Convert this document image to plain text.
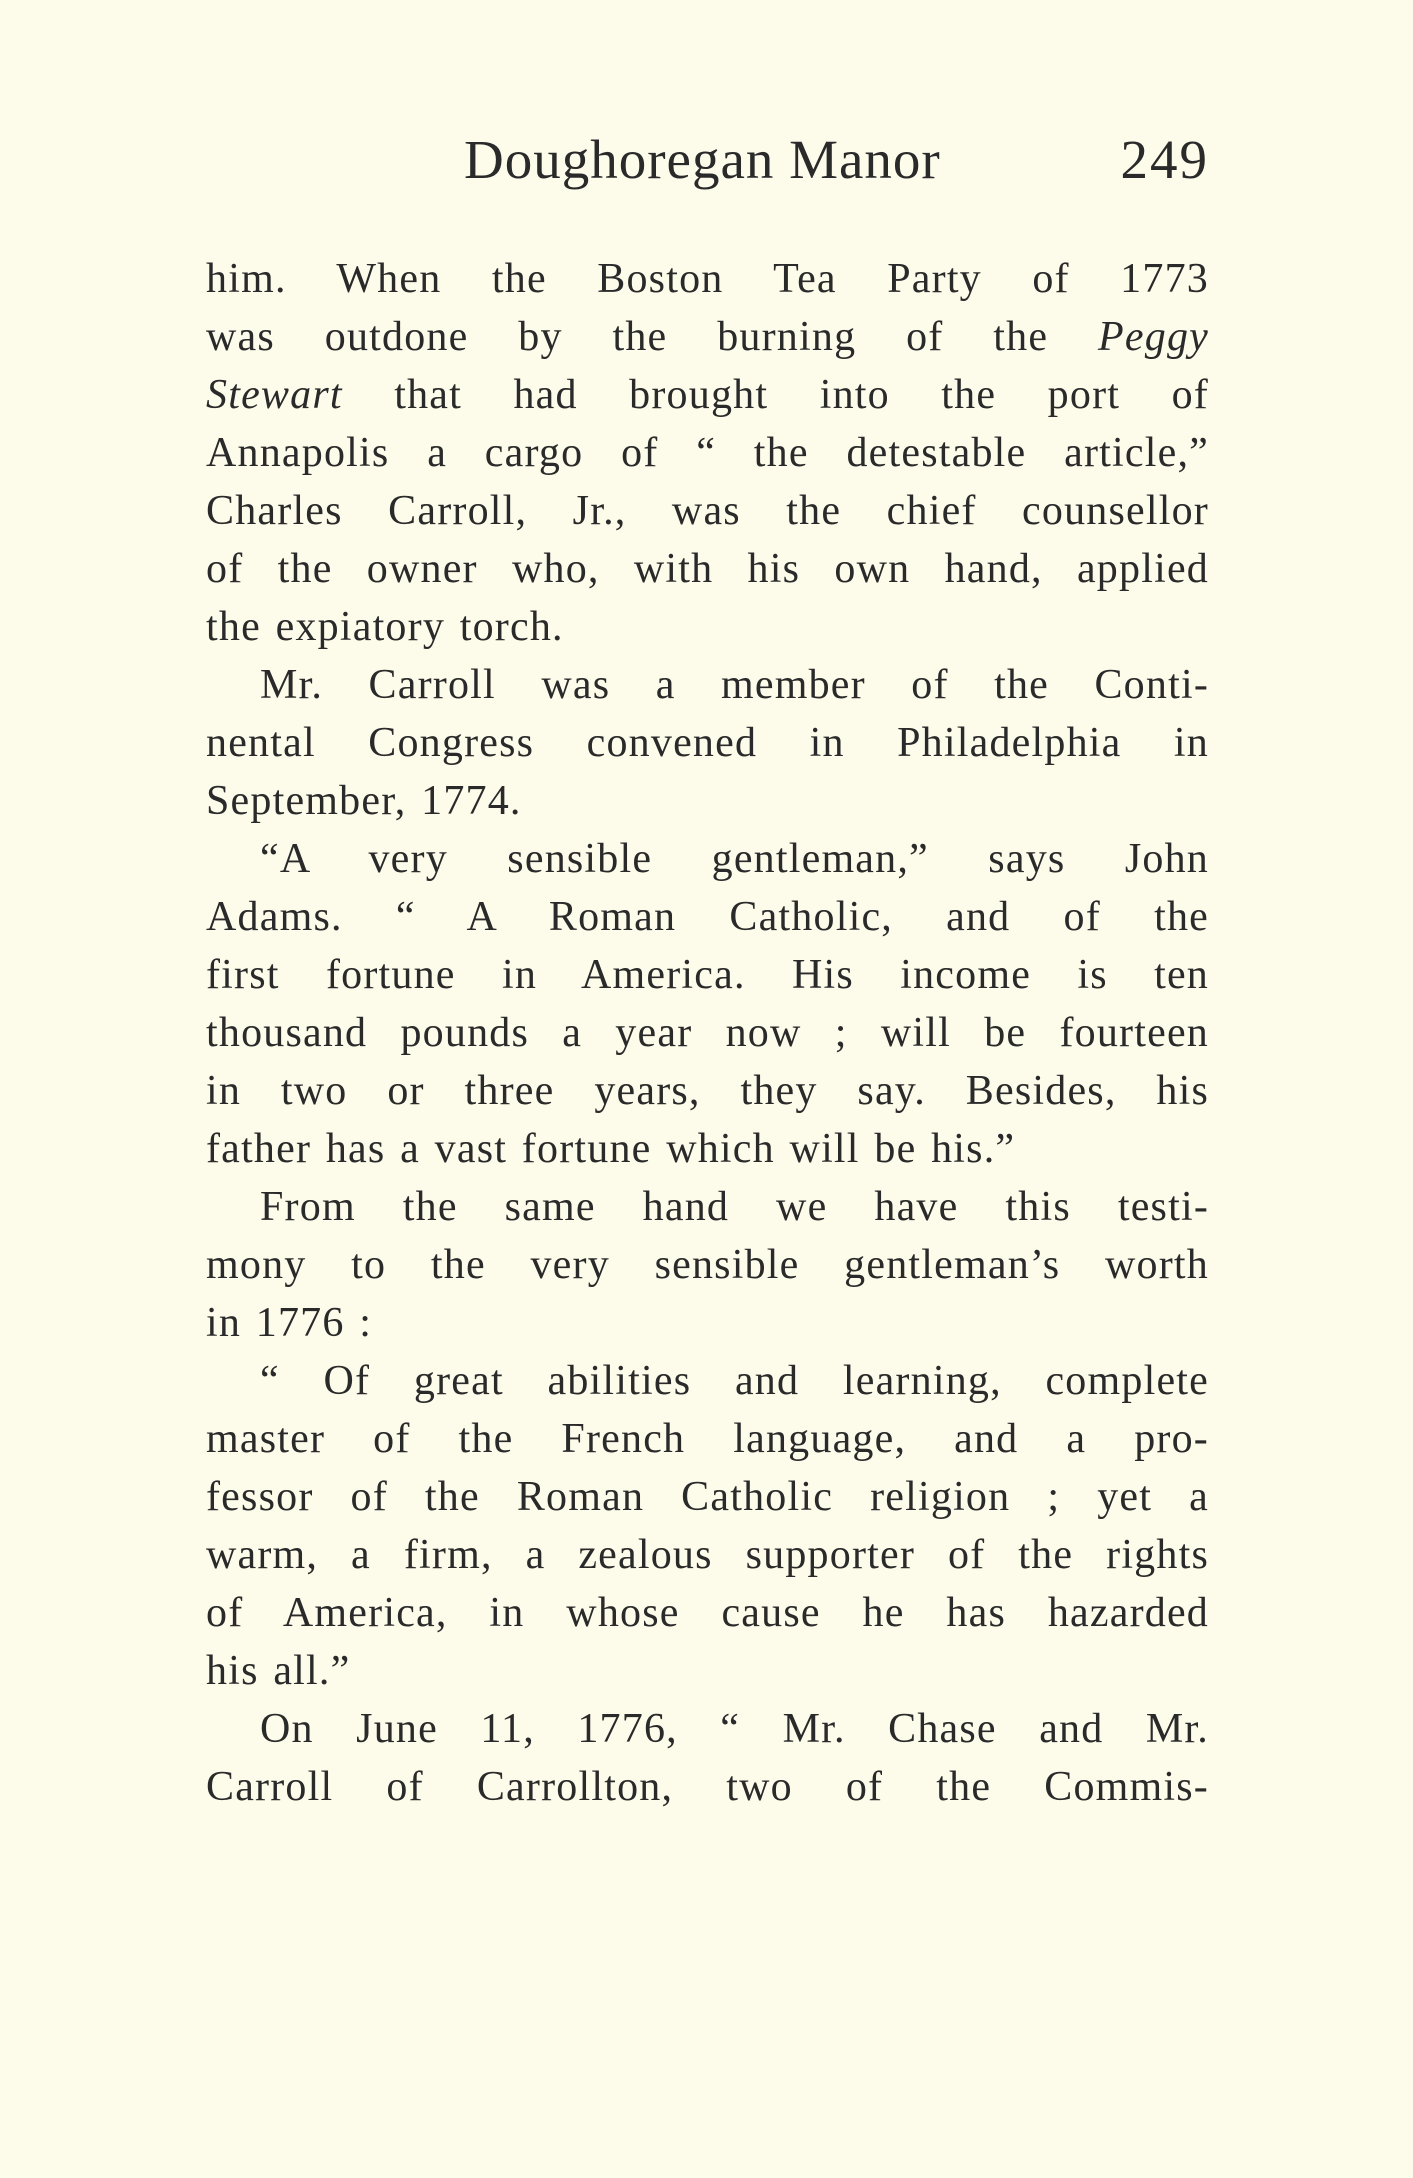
Doughoregan Manor	249
him. When the Boston Tea Party of 1773
was outdone by the burning of the Peggy
Stewart that had brought into the port of
Annapolis a cargo of “ the detestable article,”
Charles Carroll, Jr., was the chief counsellor
of the owner who, with his own hand, applied
the expiatory torch.
Mr. Carroll was a member of the Conti-
nental Congress convened in Philadelphia in
September, 1774.
“A very sensible gentleman,” says John
Adams. “ A Roman Catholic, and of the
first fortune in America. His income is ten
thousand pounds a year now ; will be fourteen
in two or three years, they say. Besides, his
father has a vast fortune which will be his.”
From the same hand we have this testi-
mony to the very sensible gentleman’s worth
in 1776 :
“ Of great abilities and learning, complete
master of the French language, and a pro-
fessor of the Roman Catholic religion ; yet a
warm, a firm, a zealous supporter of the rights
of America, in whose cause he has hazarded
his all.”
On June 11, 1776, “ Mr. Chase and Mr.
Carroll of Carrollton, two of the Commis-
